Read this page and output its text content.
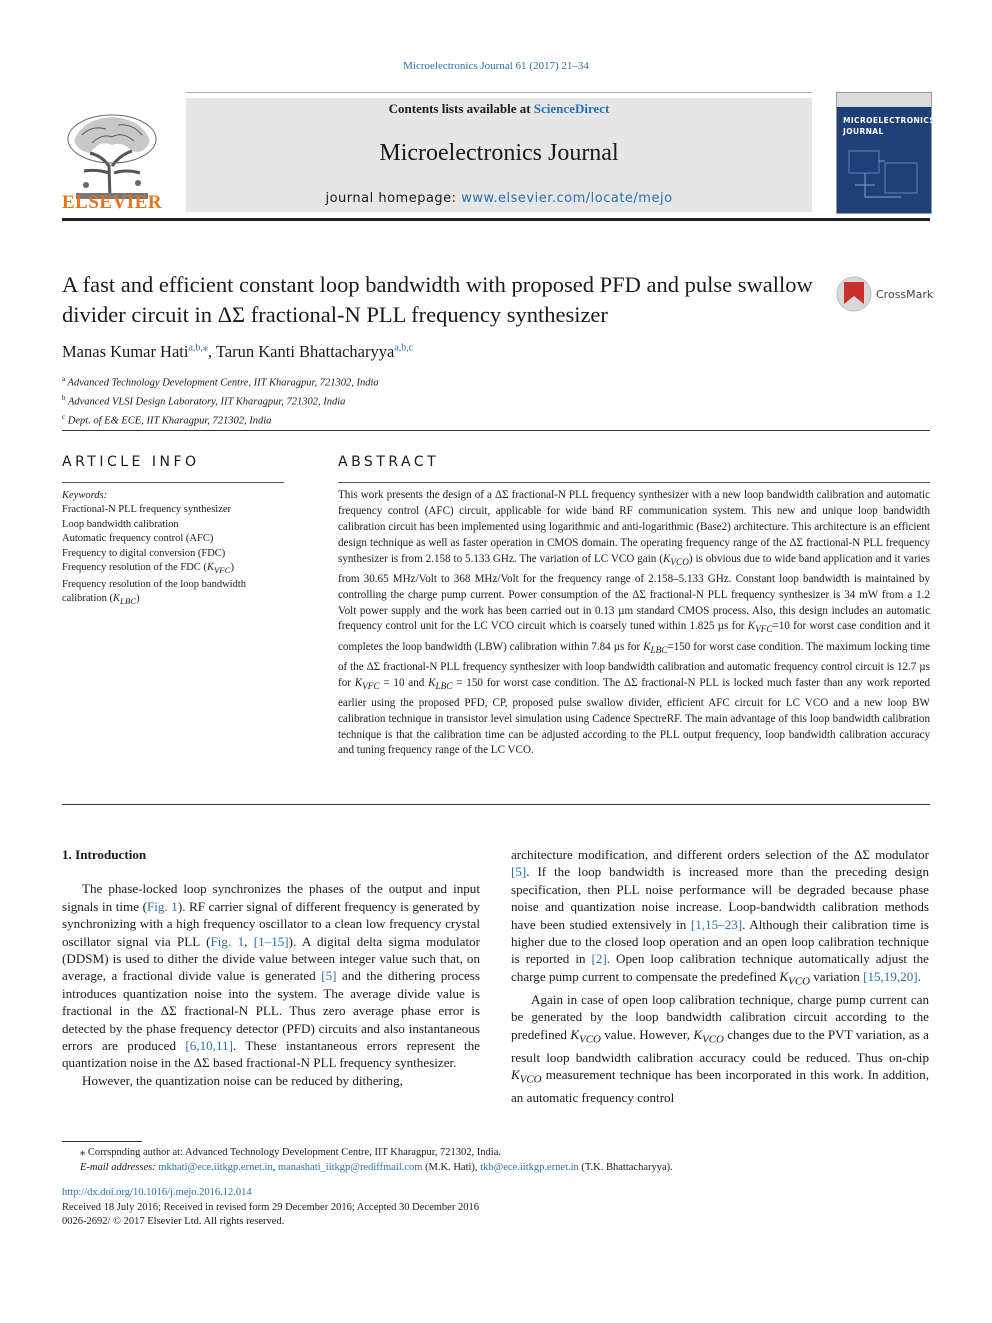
Microelectronics Journal 61 (2017) 21–34
ELSEVIER
Contents lists available at ScienceDirect
Microelectronics Journal
journal homepage: www.elsevier.com/locate/mejo
MICROELECTRONICS JOURNAL
A fast and efficient constant loop bandwidth with proposed PFD and pulse swallow divider circuit in ΔΣ fractional-N PLL frequency synthesizer
CrossMark
Manas Kumar Hati$^{a,b,⁎}$, Tarun Kanti Bhattacharyya$^{a,b,c}$
$^a$ Advanced Technology Development Centre, IIT Kharagpur, 721302, India
$^b$ Advanced VLSI Design Laboratory, IIT Kharagpur, 721302, India
$^c$ Dept. of E& ECE, IIT Kharagpur, 721302, India
ARTICLE INFO	ABSTRACT
Keywords:
Fractional-N PLL frequency synthesizer
Loop bandwidth calibration
Automatic frequency control (AFC)
Frequency to digital conversion (FDC)
Frequency resolution of the FDC $(K_{VFC})$
Frequency resolution of the loop bandwidth calibration $(K_{LBC})$
This work presents the design of a ΔΣ fractional-N PLL frequency synthesizer with a new loop bandwidth calibration and automatic frequency control (AFC) circuit, applicable for wide band RF communication system. This new and unique loop bandwidth calibration circuit has been implemented using logarithmic and anti-logarithmic (Base2) architecture. This architecture is an efficient design technique as well as faster operation in CMOS domain. The operating frequency range of the ΔΣ fractional-N PLL frequency synthesizer is from 2.158 to 5.133 GHz. The variation of LC VCO gain $(K_{VCO})$ is obvious due to wide band application and it varies from 30.65 MHz/Volt to 368 MHz/Volt for the frequency range of 2.158–5.133 GHz. Constant loop bandwidth is maintained by controlling the charge pump current. Power consumption of the ΔΣ fractional-N PLL frequency synthesizer is 34 mW from a 1.2 Volt power supply and the work has been carried out in 0.13 µm standard CMOS process. Also, this design includes an automatic frequency control unit for the LC VCO circuit which is coarsely tuned within 1.825 µs for $K_{VFC}=10$ for worst case condition and it completes the loop bandwidth (LBW) calibration within 7.84 µs for $K_{LBC}=150$ for worst case condition. The maximum locking time of the ΔΣ fractional-N PLL frequency synthesizer with loop bandwidth calibration and automatic frequency control circuit is 12.7 µs for $K_{VFC} = 10$ and $K_{LBC} = 150$ for worst case condition. The ΔΣ fractional-N PLL is locked much faster than any work reported earlier using the proposed PFD, CP, proposed pulse swallow divider, efficient AFC circuit for LC VCO and a new loop BW calibration technique in transistor level simulation using Cadence SpectreRF. The main advantage of this loop bandwidth calibration technique is that the calibration time can be adjusted according to the PLL output frequency, loop bandwidth calibration accuracy and tuning frequency range of the LC VCO.

1. Introduction

The phase-locked loop synchronizes the phases of the output and input signals in time (Fig. 1). RF carrier signal of different frequency is generated by synchronizing with a high frequency oscillator to a clean low frequency crystal oscillator signal via PLL (Fig. 1, [1–15]). A digital delta sigma modulator (DDSM) is used to dither the divide value between integer value such that, on average, a fractional divide value is generated [5] and the dithering process introduces quantization noise into the system. The average divide value is fractional in the ΔΣ fractional-N PLL. Thus zero average phase error is detected by the phase frequency detector (PFD) circuits and also instantaneous errors are produced [6,10,11]. These instantaneous errors represent the quantization noise in the ΔΣ based fractional-N PLL frequency synthesizer.

However, the quantization noise can be reduced by dithering,

architecture modification, and different orders selection of the ΔΣ modulator [5]. If the loop bandwidth is increased more than the preceding design specification, then PLL noise performance will be degraded because phase noise and quantization noise increase. Loop-bandwidth calibration methods have been studied extensively in [1,15–23]. Although their calibration time is higher due to the closed loop operation and an open loop calibration technique is reported in [2]. Open loop calibration technique automatically adjust the charge pump current to compensate the predefined $K_{VCO}$ variation [15,19,20].

Again in case of open loop calibration technique, charge pump current can be generated by the loop bandwidth calibration circuit according to the predefined $K_{VCO}$ value. However, $K_{VCO}$ changes due to the PVT variation, as a result loop bandwidth calibration accuracy could be reduced. Thus on-chip $K_{VCO}$ measurement technique has been incorporated in this work. In addition, an automatic frequency control

⁎ Corrspnding author at: Advanced Technology Development Centre, IIT Kharagpur, 721302, India.
E-mail addresses: mkhati@ece.iitkgp.ernet.in, manashati_iitkgp@rediffmail.com (M.K. Hati), tkb@ece.iitkgp.ernet.in (T.K. Bhattacharyya).
http://dx.doi.org/10.1016/j.mejo.2016.12.014
Received 18 July 2016; Received in revised form 29 December 2016; Accepted 30 December 2016
0026-2692/ © 2017 Elsevier Ltd. All rights reserved.
